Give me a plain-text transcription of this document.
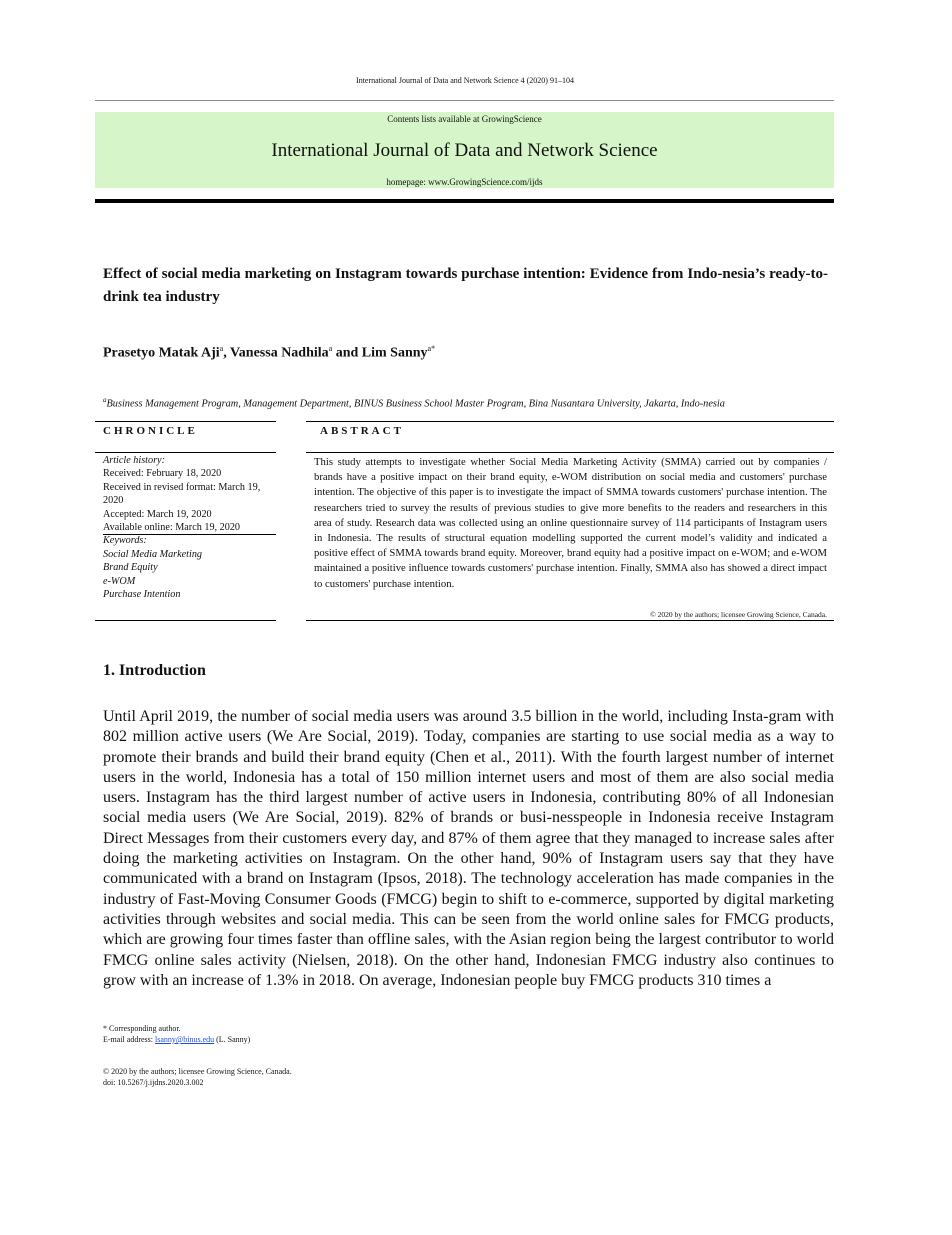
International Journal of Data and Network Science 4 (2020) 91–104
Contents lists available at GrowingScience
International Journal of Data and Network Science
homepage: www.GrowingScience.com/ijds
Effect of social media marketing on Instagram towards purchase intention: Evidence from Indo-nesia’s ready-to-drink tea industry
Prasetyo Matak Aji$^a$, Vanessa Nadhila$^a$ and Lim Sanny$^{a*}$
$^a$Business Management Program, Management Department, BINUS Business School Master Program, Bina Nusantara University, Jakarta, Indo-nesia
CHRONICLE	ABSTRACT
Article history:
Received: February 18, 2020
Received in revised format: March 19, 2020
Accepted: March 19, 2020
Available online: March 19, 2020
Keywords:
Social Media Marketing
Brand Equity
e-WOM
Purchase Intention
This study attempts to investigate whether Social Media Marketing Activity (SMMA) carried out by companies / brands have a positive impact on their brand equity, e-WOM distribution on social media and customers' purchase intention. The objective of this paper is to investigate the impact of SMMA towards customers' purchase intention. The researchers tried to survey the results of previous studies to give more benefits to the readers and researchers in this area of study. Research data was collected using an online questionnaire survey of 114 participants of Instagram users in Indonesia. The results of structural equation modelling supported the current model’s validity and indicated a positive effect of SMMA towards brand equity. Moreover, brand equity had a positive impact on e-WOM; and e-WOM maintained a positive influence towards customers' purchase intention. Finally, SMMA also has showed a direct impact to customers' purchase intention.
© 2020 by the authors; licensee Growing Science, Canada.
1. Introduction
Until April 2019, the number of social media users was around 3.5 billion in the world, including Insta-gram with 802 million active users (We Are Social, 2019). Today, companies are starting to use social media as a way to promote their brands and build their brand equity (Chen et al., 2011). With the fourth largest number of internet users in the world, Indonesia has a total of 150 million internet users and most of them are also social media users. Instagram has the third largest number of active users in Indonesia, contributing 80% of all Indonesian social media users (We Are Social, 2019). 82% of brands or busi-nesspeople in Indonesia receive Instagram Direct Messages from their customers every day, and 87% of them agree that they managed to increase sales after doing the marketing activities on Instagram. On the other hand, 90% of Instagram users say that they have communicated with a brand on Instagram (Ipsos, 2018). The technology acceleration has made companies in the industry of Fast-Moving Consumer Goods (FMCG) begin to shift to e-commerce, supported by digital marketing activities through websites and social media. This can be seen from the world online sales for FMCG products, which are growing four times faster than offline sales, with the Asian region being the largest contributor to world FMCG online sales activity (Nielsen, 2018). On the other hand, Indonesian FMCG industry also continues to grow with an increase of 1.3% in 2018. On average, Indonesian people buy FMCG products 310 times a
* Corresponding author.
E-mail address: lsanny@binus.edu (L. Sanny)
© 2020 by the authors; licensee Growing Science, Canada.
doi: 10.5267/j.ijdns.2020.3.002
